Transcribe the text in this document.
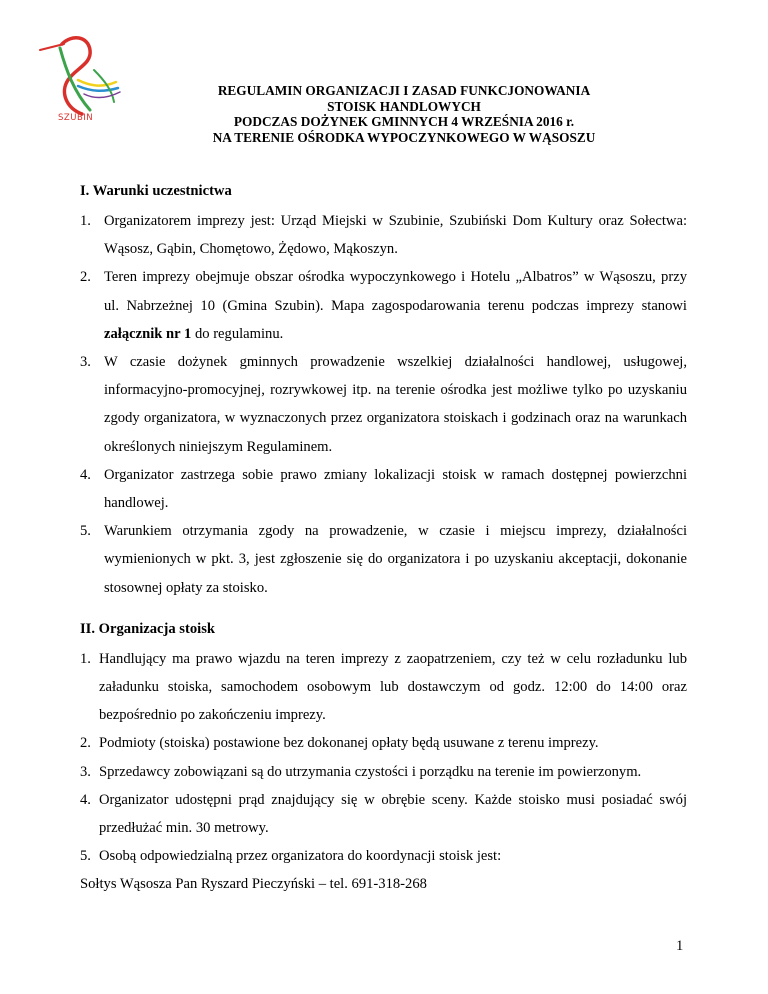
SZUBIN
REGULAMIN ORGANIZACJI I ZASAD FUNKCJONOWANIA
STOISK HANDLOWYCH
PODCZAS DOŻYNEK GMINNYCH 4 WRZEŚNIA 2016 r.
NA TERENIE OŚRODKA WYPOCZYNKOWEGO W WĄSOSZU

I. Warunki uczestnictwa

1. Organizatorem imprezy jest: Urząd Miejski w Szubinie, Szubiński Dom Kultury oraz Sołectwa: Wąsosz, Gąbin, Chomętowo, Żędowo, Mąkoszyn.
2. Teren imprezy obejmuje obszar ośrodka wypoczynkowego i Hotelu „Albatros” w Wąsoszu, przy ul. Nabrzeżnej 10 (Gmina Szubin). Mapa zagospodarowania terenu podczas imprezy stanowi załącznik nr 1 do regulaminu.
3. W czasie dożynek gminnych prowadzenie wszelkiej działalności handlowej, usługowej, informacyjno-promocyjnej, rozrywkowej itp. na terenie ośrodka jest możliwe tylko po uzyskaniu zgody organizatora, w wyznaczonych przez organizatora stoiskach i godzinach oraz na warunkach określonych niniejszym Regulaminem.
4. Organizator zastrzega sobie prawo zmiany lokalizacji stoisk w ramach dostępnej powierzchni handlowej.
5. Warunkiem otrzymania zgody na prowadzenie, w czasie i miejscu imprezy, działalności wymienionych w pkt. 3, jest zgłoszenie się do organizatora i po uzyskaniu akceptacji, dokonanie stosownej opłaty za stoisko.

II. Organizacja stoisk

1. Handlujący ma prawo wjazdu na teren imprezy z zaopatrzeniem, czy też w celu rozładunku lub załadunku stoiska, samochodem osobowym lub dostawczym od godz. 12:00 do 14:00 oraz bezpośrednio po zakończeniu imprezy.
2. Podmioty (stoiska) postawione bez dokonanej opłaty będą usuwane z terenu imprezy.
3. Sprzedawcy zobowiązani są do utrzymania czystości i porządku na terenie im powierzonym.
4. Organizator udostępni prąd znajdujący się w obrębie sceny. Każde stoisko musi posiadać swój przedłużać min. 30 metrowy.
5. Osobą odpowiedzialną przez organizatora do koordynacji stoisk jest:
Sołtys Wąsosza Pan Ryszard Pieczyński – tel. 691-318-268
1
